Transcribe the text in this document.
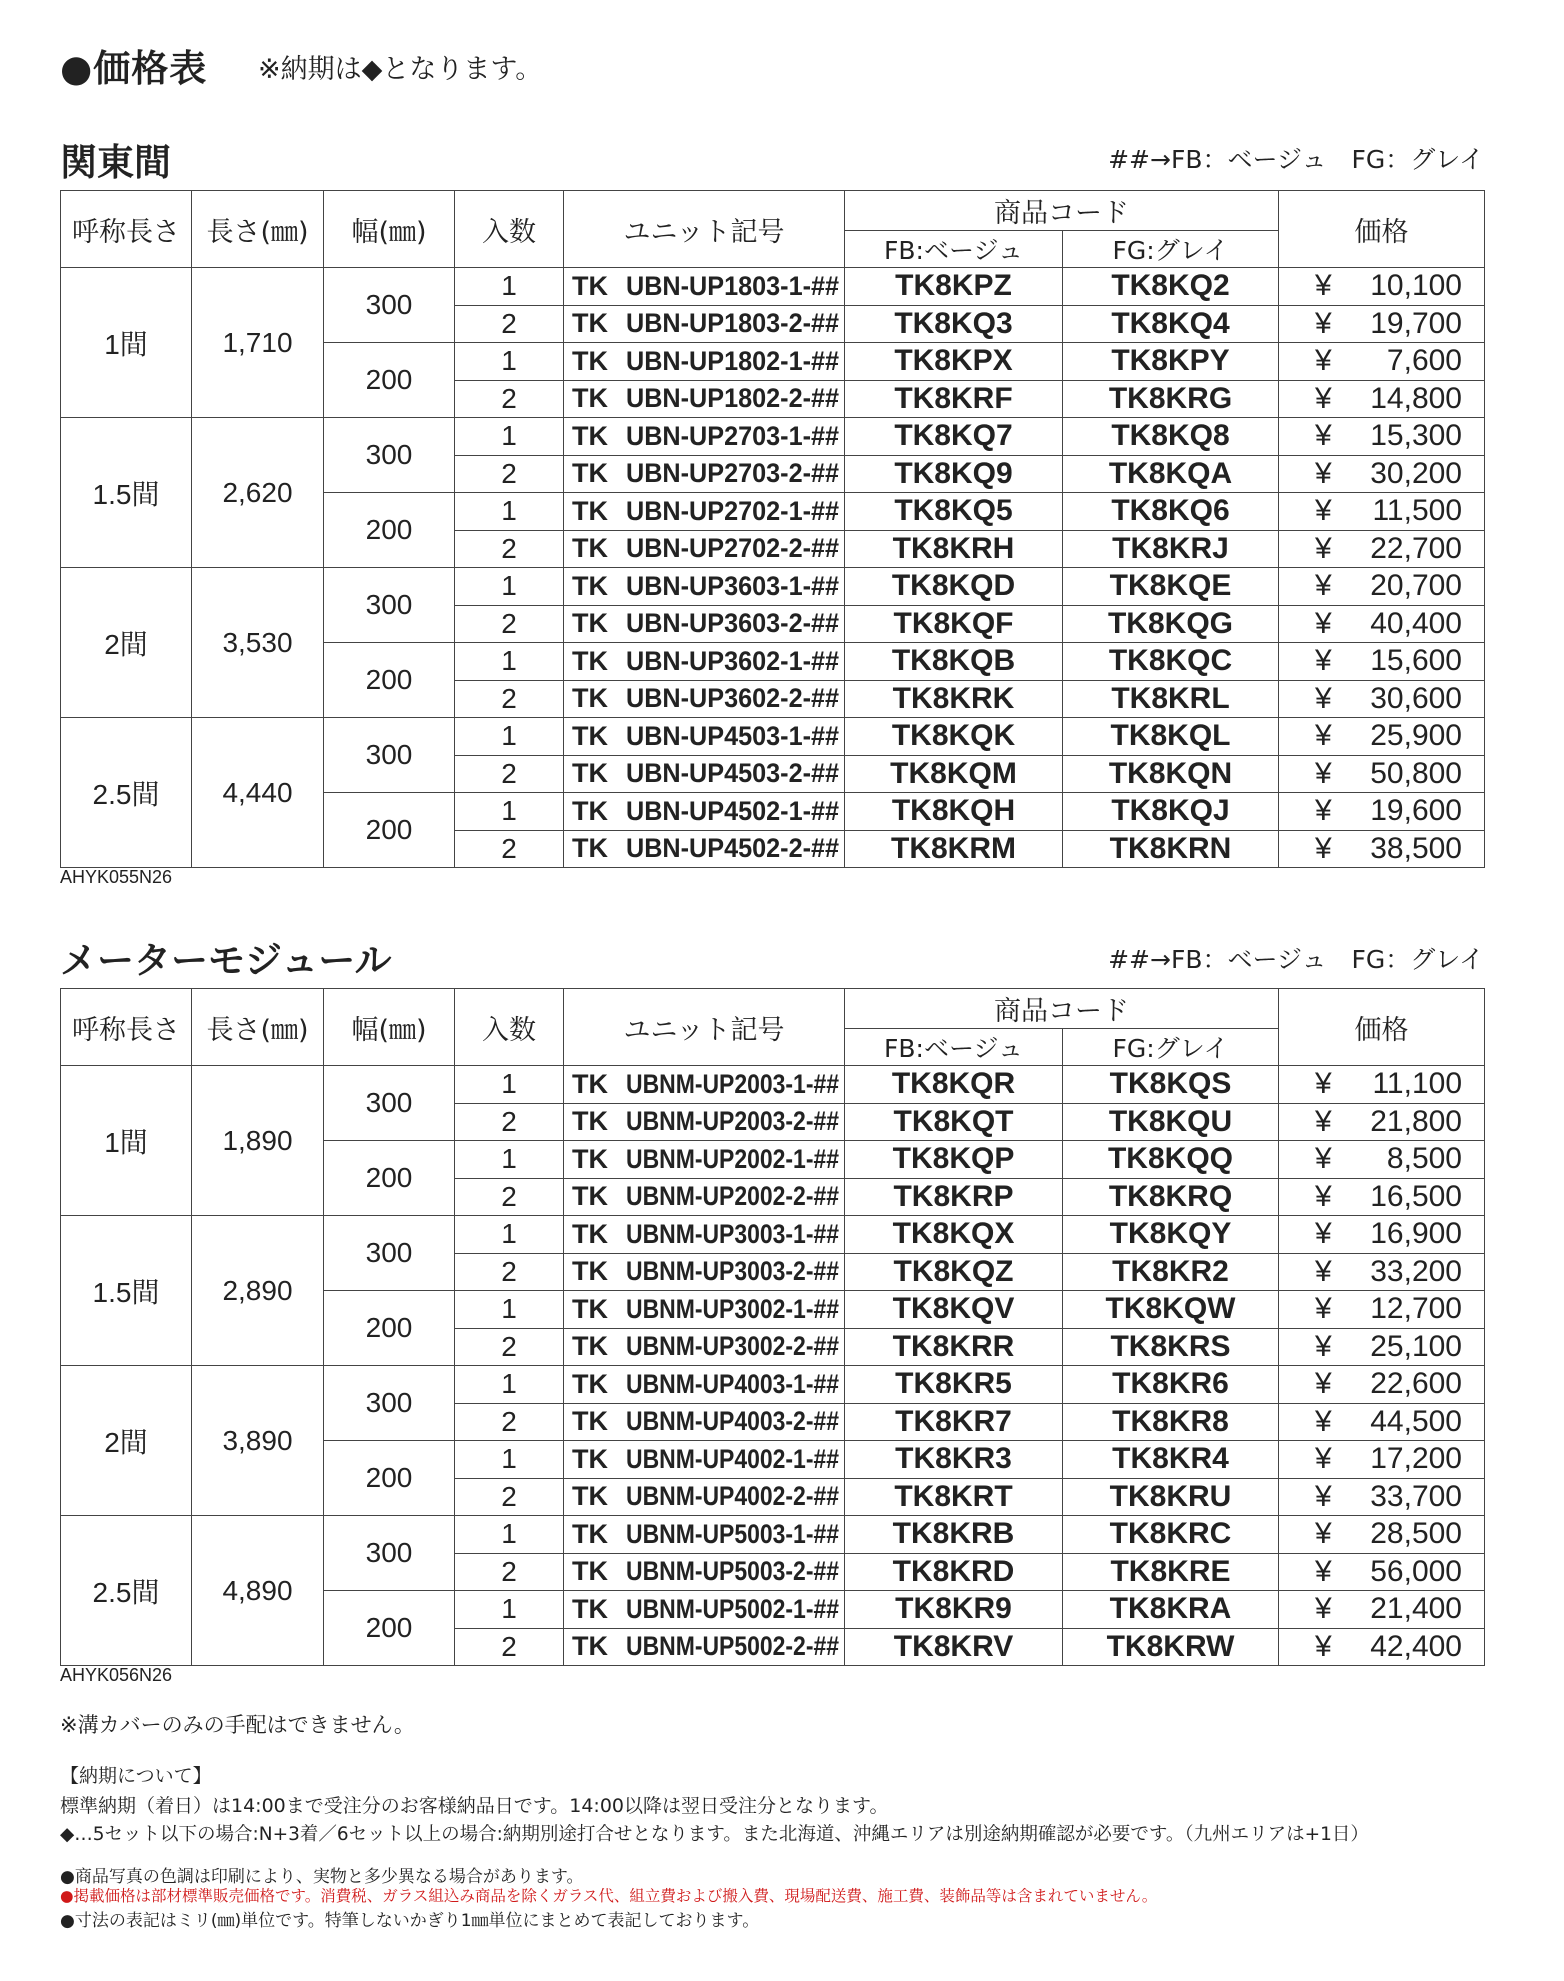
●価格表 ※納期は◆となります。
関東間	##→FB：ベージュ　FG：グレイ
呼称長さ	長さ(㎜)	幅(㎜)	入数	ユニット記号	商品コード		価格
					FB:ベージュ	FG:グレイ	
1間	1,710	300	1	TK UBN-UP1803-1-##	TK8KPZ	TK8KQ2	¥ 10,100
			2	TK UBN-UP1803-2-##	TK8KQ3	TK8KQ4	¥ 19,700
		200	1	TK UBN-UP1802-1-##	TK8KPX	TK8KPY	¥ 7,600
			2	TK UBN-UP1802-2-##	TK8KRF	TK8KRG	¥ 14,800
1.5間	2,620	300	1	TK UBN-UP2703-1-##	TK8KQ7	TK8KQ8	¥ 15,300
			2	TK UBN-UP2703-2-##	TK8KQ9	TK8KQA	¥ 30,200
		200	1	TK UBN-UP2702-1-##	TK8KQ5	TK8KQ6	¥ 11,500
			2	TK UBN-UP2702-2-##	TK8KRH	TK8KRJ	¥ 22,700
2間	3,530	300	1	TK UBN-UP3603-1-##	TK8KQD	TK8KQE	¥ 20,700
			2	TK UBN-UP3603-2-##	TK8KQF	TK8KQG	¥ 40,400
		200	1	TK UBN-UP3602-1-##	TK8KQB	TK8KQC	¥ 15,600
			2	TK UBN-UP3602-2-##	TK8KRK	TK8KRL	¥ 30,600
2.5間	4,440	300	1	TK UBN-UP4503-1-##	TK8KQK	TK8KQL	¥ 25,900
			2	TK UBN-UP4503-2-##	TK8KQM	TK8KQN	¥ 50,800
		200	1	TK UBN-UP4502-1-##	TK8KQH	TK8KQJ	¥ 19,600
			2	TK UBN-UP4502-2-##	TK8KRM	TK8KRN	¥ 38,500
AHYK055N26
メーターモジュール	##→FB：ベージュ　FG：グレイ
呼称長さ	長さ(㎜)	幅(㎜)	入数	ユニット記号	商品コード		価格
					FB:ベージュ	FG:グレイ	
1間	1,890	300	1	TK UBNM-UP2003-1-##	TK8KQR	TK8KQS	¥ 11,100
			2	TK UBNM-UP2003-2-##	TK8KQT	TK8KQU	¥ 21,800
		200	1	TK UBNM-UP2002-1-##	TK8KQP	TK8KQQ	¥ 8,500
			2	TK UBNM-UP2002-2-##	TK8KRP	TK8KRQ	¥ 16,500
1.5間	2,890	300	1	TK UBNM-UP3003-1-##	TK8KQX	TK8KQY	¥ 16,900
			2	TK UBNM-UP3003-2-##	TK8KQZ	TK8KR2	¥ 33,200
		200	1	TK UBNM-UP3002-1-##	TK8KQV	TK8KQW	¥ 12,700
			2	TK UBNM-UP3002-2-##	TK8KRR	TK8KRS	¥ 25,100
2間	3,890	300	1	TK UBNM-UP4003-1-##	TK8KR5	TK8KR6	¥ 22,600
			2	TK UBNM-UP4003-2-##	TK8KR7	TK8KR8	¥ 44,500
		200	1	TK UBNM-UP4002-1-##	TK8KR3	TK8KR4	¥ 17,200
			2	TK UBNM-UP4002-2-##	TK8KRT	TK8KRU	¥ 33,700
2.5間	4,890	300	1	TK UBNM-UP5003-1-##	TK8KRB	TK8KRC	¥ 28,500
			2	TK UBNM-UP5003-2-##	TK8KRD	TK8KRE	¥ 56,000
		200	1	TK UBNM-UP5002-1-##	TK8KR9	TK8KRA	¥ 21,400
			2	TK UBNM-UP5002-2-##	TK8KRV	TK8KRW	¥ 42,400
AHYK056N26
※溝カバーのみの手配はできません。
【納期について】
標準納期（着日）は14:00まで受注分のお客様納品日です。14:00以降は翌日受注分となります。
◆…5セット以下の場合:N+3着／6セット以上の場合:納期別途打合せとなります。また北海道、沖縄エリアは別途納期確認が必要です。（九州エリアは+1日）
●商品写真の色調は印刷により、実物と多少異なる場合があります。
●掲載価格は部材標準販売価格です。消費税、ガラス組込み商品を除くガラス代、組立費および搬入費、現場配送費、施工費、装飾品等は含まれていません。
●寸法の表記はミリ(㎜)単位です。特筆しないかぎり1㎜単位にまとめて表記しております。
